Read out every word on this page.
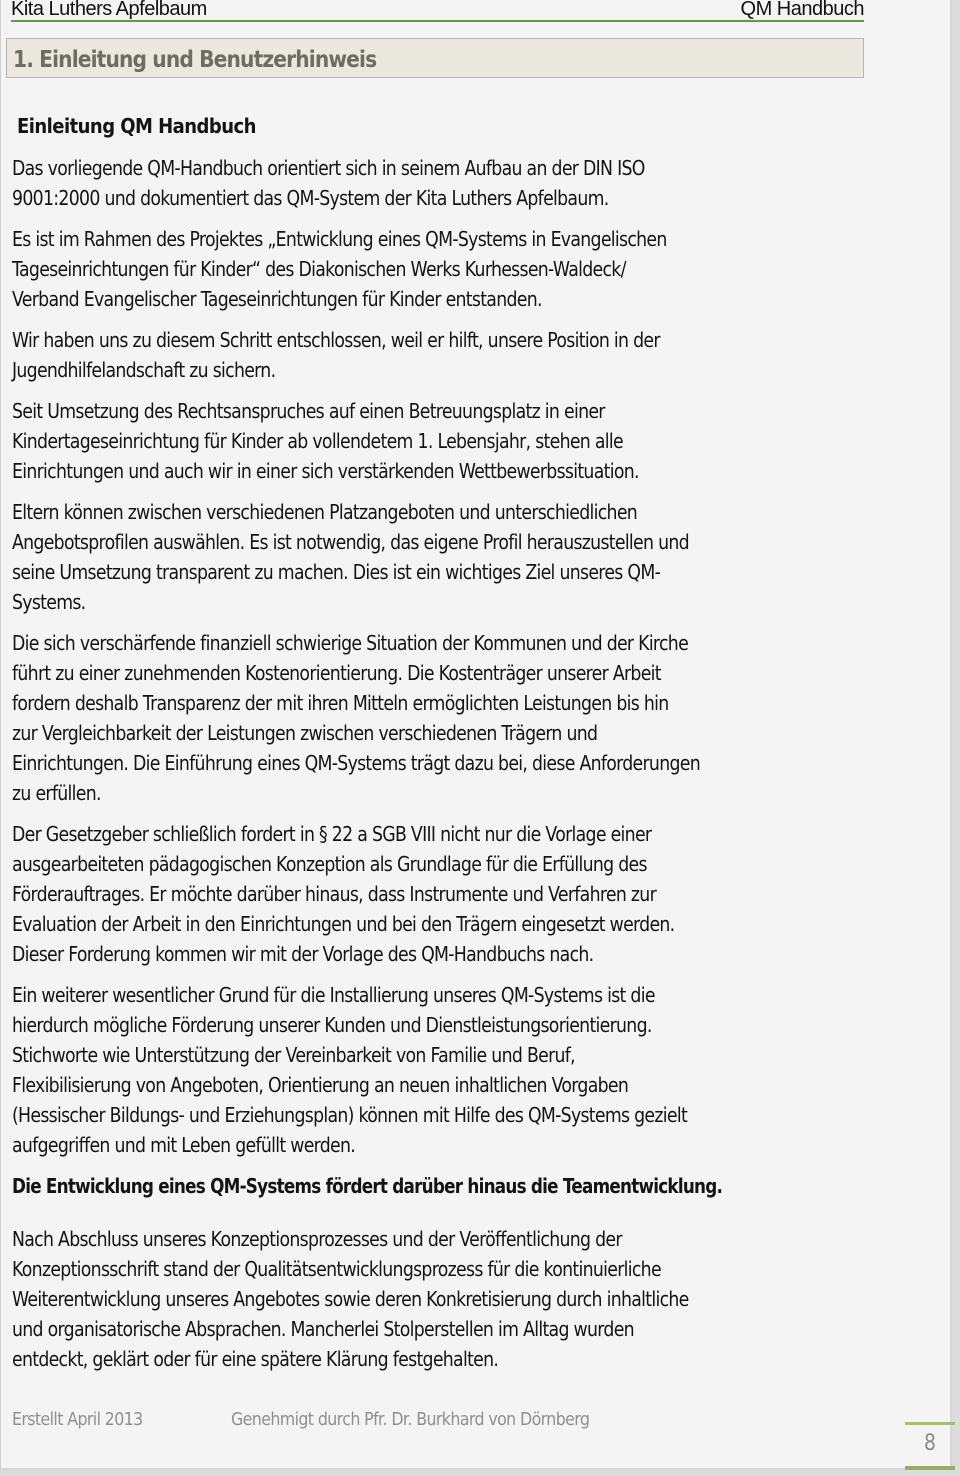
Kita Luthers Apfelbaum	QM Handbuch
1. Einleitung und Benutzerhinweis
Einleitung QM Handbuch
Das vorliegende QM-Handbuch orientiert sich in seinem Aufbau an der DIN ISO
9001:2000 und dokumentiert das QM-System der Kita Luthers Apfelbaum.
Es ist im Rahmen des Projektes „Entwicklung eines QM-Systems in Evangelischen
Tageseinrichtungen für Kinder“ des Diakonischen Werks Kurhessen-Waldeck/
Verband Evangelischer Tageseinrichtungen für Kinder entstanden.
Wir haben uns zu diesem Schritt entschlossen, weil er hilft, unsere Position in der
Jugendhilfelandschaft zu sichern.
Seit Umsetzung des Rechtsanspruches auf einen Betreuungsplatz in einer
Kindertageseinrichtung für Kinder ab vollendetem 1. Lebensjahr, stehen alle
Einrichtungen und auch wir in einer sich verstärkenden Wettbewerbssituation.
Eltern können zwischen verschiedenen Platzangeboten und unterschiedlichen
Angebotsprofilen auswählen. Es ist notwendig, das eigene Profil herauszustellen und
seine Umsetzung transparent zu machen. Dies ist ein wichtiges Ziel unseres QM-
Systems.
Die sich verschärfende finanziell schwierige Situation der Kommunen und der Kirche
führt zu einer zunehmenden Kostenorientierung. Die Kostenträger unserer Arbeit
fordern deshalb Transparenz der mit ihren Mitteln ermöglichten Leistungen bis hin
zur Vergleichbarkeit der Leistungen zwischen verschiedenen Trägern und
Einrichtungen. Die Einführung eines QM-Systems trägt dazu bei, diese Anforderungen
zu erfüllen.
Der Gesetzgeber schließlich fordert in § 22 a SGB VIII nicht nur die Vorlage einer
ausgearbeiteten pädagogischen Konzeption als Grundlage für die Erfüllung des
Förderauftrages. Er möchte darüber hinaus, dass Instrumente und Verfahren zur
Evaluation der Arbeit in den Einrichtungen und bei den Trägern eingesetzt werden.
Dieser Forderung kommen wir mit der Vorlage des QM-Handbuchs nach.
Ein weiterer wesentlicher Grund für die Installierung unseres QM-Systems ist die
hierdurch mögliche Förderung unserer Kunden und Dienstleistungsorientierung.
Stichworte wie Unterstützung der Vereinbarkeit von Familie und Beruf,
Flexibilisierung von Angeboten, Orientierung an neuen inhaltlichen Vorgaben
(Hessischer Bildungs- und Erziehungsplan) können mit Hilfe des QM-Systems gezielt
aufgegriffen und mit Leben gefüllt werden.
Die Entwicklung eines QM-Systems fördert darüber hinaus die Teamentwicklung.
Nach Abschluss unseres Konzeptionsprozesses und der Veröffentlichung der
Konzeptionsschrift stand der Qualitätsentwicklungsprozess für die kontinuierliche
Weiterentwicklung unseres Angebotes sowie deren Konkretisierung durch inhaltliche
und organisatorische Absprachen. Mancherlei Stolperstellen im Alltag wurden
entdeckt, geklärt oder für eine spätere Klärung festgehalten.
Erstellt April 2013	Genehmigt durch Pfr. Dr. Burkhard von Dörnberg
8
